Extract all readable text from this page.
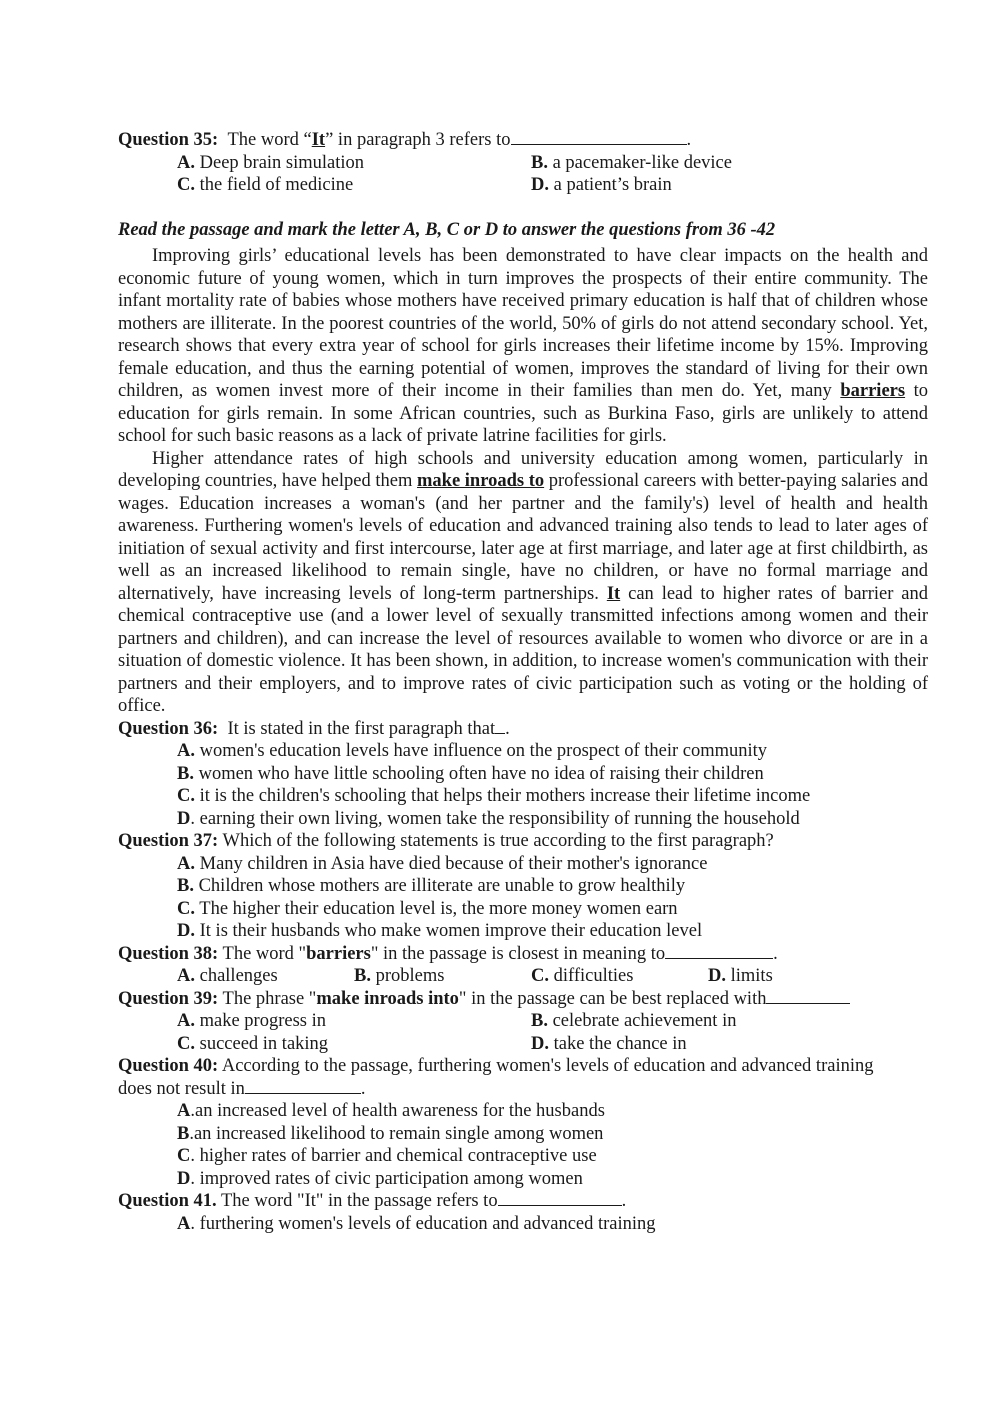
Question 35: The word “It” in paragraph 3 refers to	.
A. Deep brain simulation	B. a pacemaker-like device
C. the field of medicine	D. a patient’s brain
Read the passage and mark the letter A, B, C or D to answer the questions from 36 -42

Improving girls’ educational levels has been demonstrated to have clear impacts on the health and economic future of young women, which in turn improves the prospects of their entire community. The infant mortality rate of babies whose mothers have received primary education is half that of children whose mothers are illiterate. In the poorest countries of the world, 50% of girls do not attend secondary school. Yet, research shows that every extra year of school for girls increases their lifetime income by 15%. Improving female education, and thus the earning potential of women, improves the standard of living for their own children, as women invest more of their income in their families than men do. Yet, many barriers to education for girls remain. In some African countries, such as Burkina Faso, girls are unlikely to attend school for such basic reasons as a lack of private latrine facilities for girls.

Higher attendance rates of high schools and university education among women, particularly in developing countries, have helped them make inroads to professional careers with better-paying salaries and wages. Education increases a woman's (and her partner and the family's) level of health and health awareness. Furthering women's levels of education and advanced training also tends to lead to later ages of initiation of sexual activity and first intercourse, later age at first marriage, and later age at first childbirth, as well as an increased likelihood to remain single, have no children, or have no formal marriage and alternatively, have increasing levels of long-term partnerships. It can lead to higher rates of barrier and chemical contraceptive use (and a lower level of sexually transmitted infections among women and their partners and children), and can increase the level of resources available to women who divorce or are in a situation of domestic violence. It has been shown, in addition, to increase women's communication with their partners and their employers, and to improve rates of civic participation such as voting or the holding of office.

Question 36: It is stated in the first paragraph that .
A. women's education levels have influence on the prospect of their community
B. women who have little schooling often have no idea of raising their children
C. it is the children's schooling that helps their mothers increase their lifetime income
D. earning their own living, women take the responsibility of running the household
Question 37: Which of the following statements is true according to the first paragraph?
A. Many children in Asia have died because of their mother's ignorance
B. Children whose mothers are illiterate are unable to grow healthily
C. The higher their education level is, the more money women earn
D. It is their husbands who make women improve their education level
Question 38: The word "barriers" in the passage is closest in meaning to	.
A. challenges	B. problems	C. difficulties	D. limits
Question 39: The phrase "make inroads into" in the passage can be best replaced with
A. make progress in	B. celebrate achievement in
C. succeed in taking	D. take the chance in
Question 40: According to the passage, furthering women's levels of education and advanced training
does not result in	.
A.an increased level of health awareness for the husbands
B.an increased likelihood to remain single among women
C. higher rates of barrier and chemical contraceptive use
D. improved rates of civic participation among women
Question 41. The word "It" in the passage refers to	.
A. furthering women's levels of education and advanced training
